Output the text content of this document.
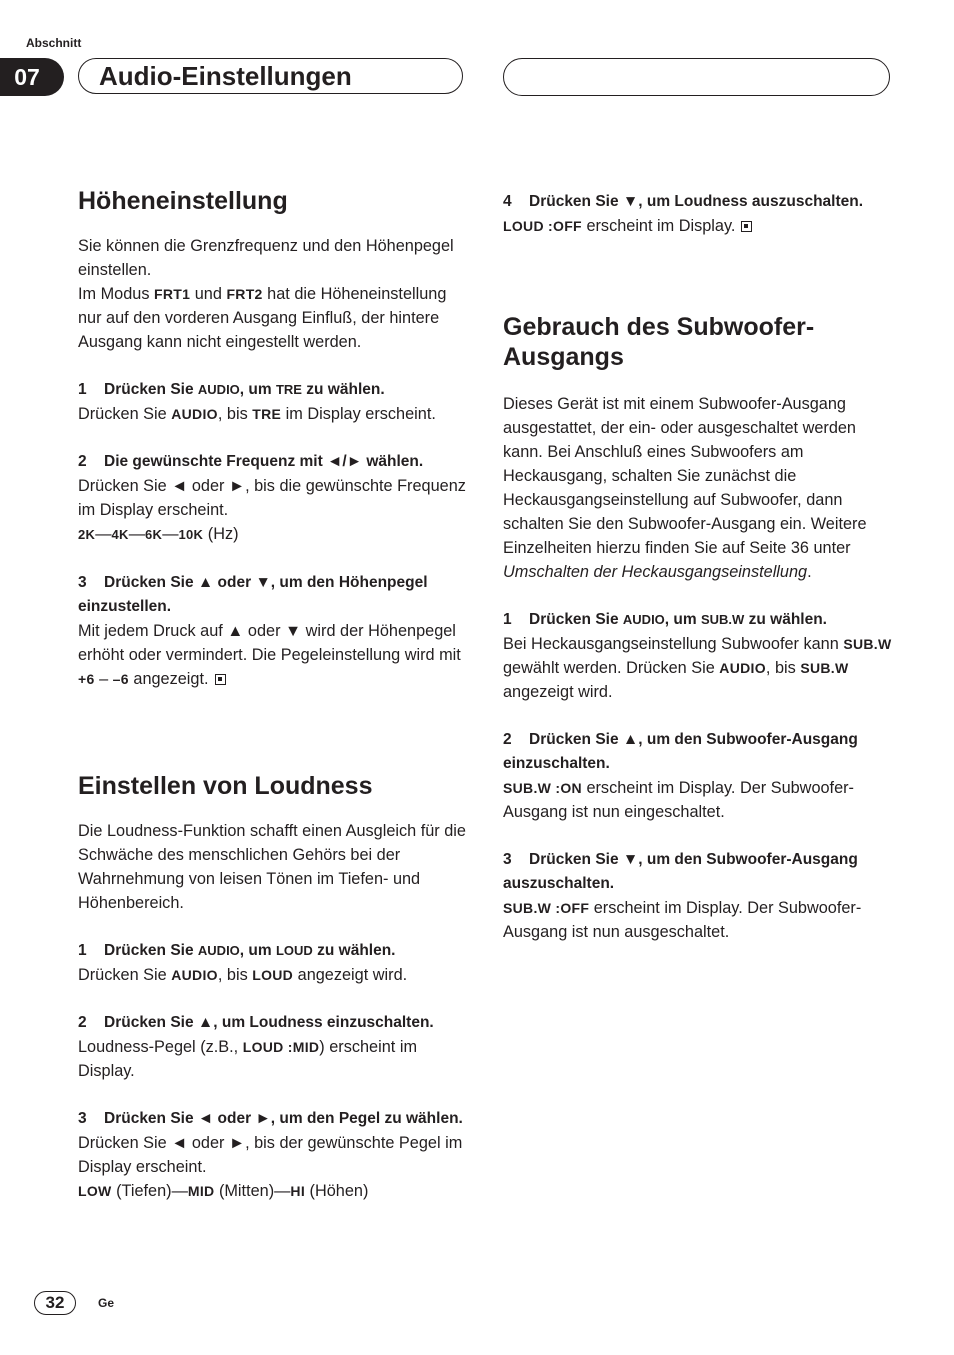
Abschnitt
07	Audio-Einstellungen
Höheneinstellung

Sie können die Grenzfrequenz und den Höhenpegel einstellen.
Im Modus FRT1 und FRT2 hat die Höheneinstellung nur auf den vorderen Ausgang Einfluß, der hintere Ausgang kann nicht eingestellt werden.

1 Drücken Sie AUDIO, um TRE zu wählen.

Drücken Sie AUDIO, bis TRE im Display erscheint.

2 Die gewünschte Frequenz mit ◄/► wählen.

Drücken Sie ◄ oder ►, bis die gewünschte Frequenz im Display erscheint.

2K—4K—6K—10K (Hz)

3 Drücken Sie ▲ oder ▼, um den Höhenpegel einzustellen.

Mit jedem Druck auf ▲ oder ▼ wird der Höhenpegel erhöht oder vermindert. Die Pegeleinstellung wird mit +6 – –6 angezeigt.

Einstellen von Loudness

Die Loudness-Funktion schafft einen Ausgleich für die Schwäche des menschlichen Gehörs bei der Wahrnehmung von leisen Tönen im Tiefen- und Höhenbereich.

1 Drücken Sie AUDIO, um LOUD zu wählen.

Drücken Sie AUDIO, bis LOUD angezeigt wird.

2 Drücken Sie ▲, um Loudness einzuschalten.

Loudness-Pegel (z.B., LOUD :MID) erscheint im Display.

3 Drücken Sie ◄ oder ►, um den Pegel zu wählen.

Drücken Sie ◄ oder ►, bis der gewünschte Pegel im Display erscheint.

LOW (Tiefen)—MID (Mitten)—HI (Höhen)

4 Drücken Sie ▼, um Loudness auszuschalten.

LOUD :OFF erscheint im Display.

Gebrauch des Subwoofer-Ausgangs

Dieses Gerät ist mit einem Subwoofer-Ausgang ausgestattet, der ein- oder ausgeschaltet werden kann. Bei Anschluß eines Subwoofers am Heckausgang, schalten Sie zunächst die Heckausgangseinstellung auf Subwoofer, dann schalten Sie den Subwoofer-Ausgang ein. Weitere Einzelheiten hierzu finden Sie auf Seite 36 unter Umschalten der Heckausgangseinstellung.

1 Drücken Sie AUDIO, um SUB.W zu wählen.

Bei Heckausgangseinstellung Subwoofer kann SUB.W gewählt werden. Drücken Sie AUDIO, bis SUB.W angezeigt wird.

2 Drücken Sie ▲, um den Subwoofer-Ausgang einzuschalten.

SUB.W :ON erscheint im Display. Der Subwoofer-Ausgang ist nun eingeschaltet.

3 Drücken Sie ▼, um den Subwoofer-Ausgang auszuschalten.

SUB.W :OFF erscheint im Display. Der Subwoofer-Ausgang ist nun ausgeschaltet.

32	Ge
